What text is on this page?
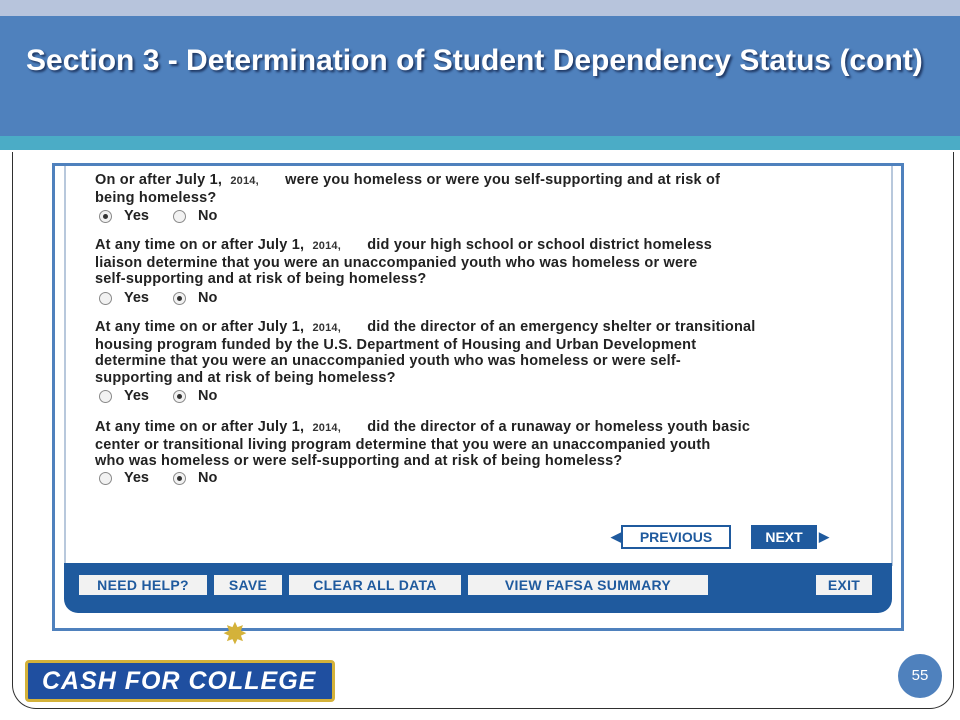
Section 3 - Determination of Student Dependency Status (cont)
On or after July 1, 2014, were you homeless or were you self-supporting and at risk of
being homeless?
Yes
	No
At any time on or after July 1, 2014, did your high school or school district homeless
liaison determine that you were an unaccompanied youth who was homeless or were
self-supporting and at risk of being homeless?
Yes
	No
At any time on or after July 1, 2014, did the director of an emergency shelter or transitional
housing program funded by the U.S. Department of Housing and Urban Development
determine that you were an unaccompanied youth who was homeless or were self-
supporting and at risk of being homeless?
Yes
	No
At any time on or after July 1, 2014, did the director of a runaway or homeless youth basic
center or transitional living program determine that you were an unaccompanied youth
who was homeless or were self-supporting and at risk of being homeless?
Yes
	No
◀ PREVIOUS	NEXT ▶
NEED HELP?	SAVE	CLEAR ALL DATA	VIEW FAFSA SUMMARY	EXIT
✸
CASH FOR COLLEGE	55
